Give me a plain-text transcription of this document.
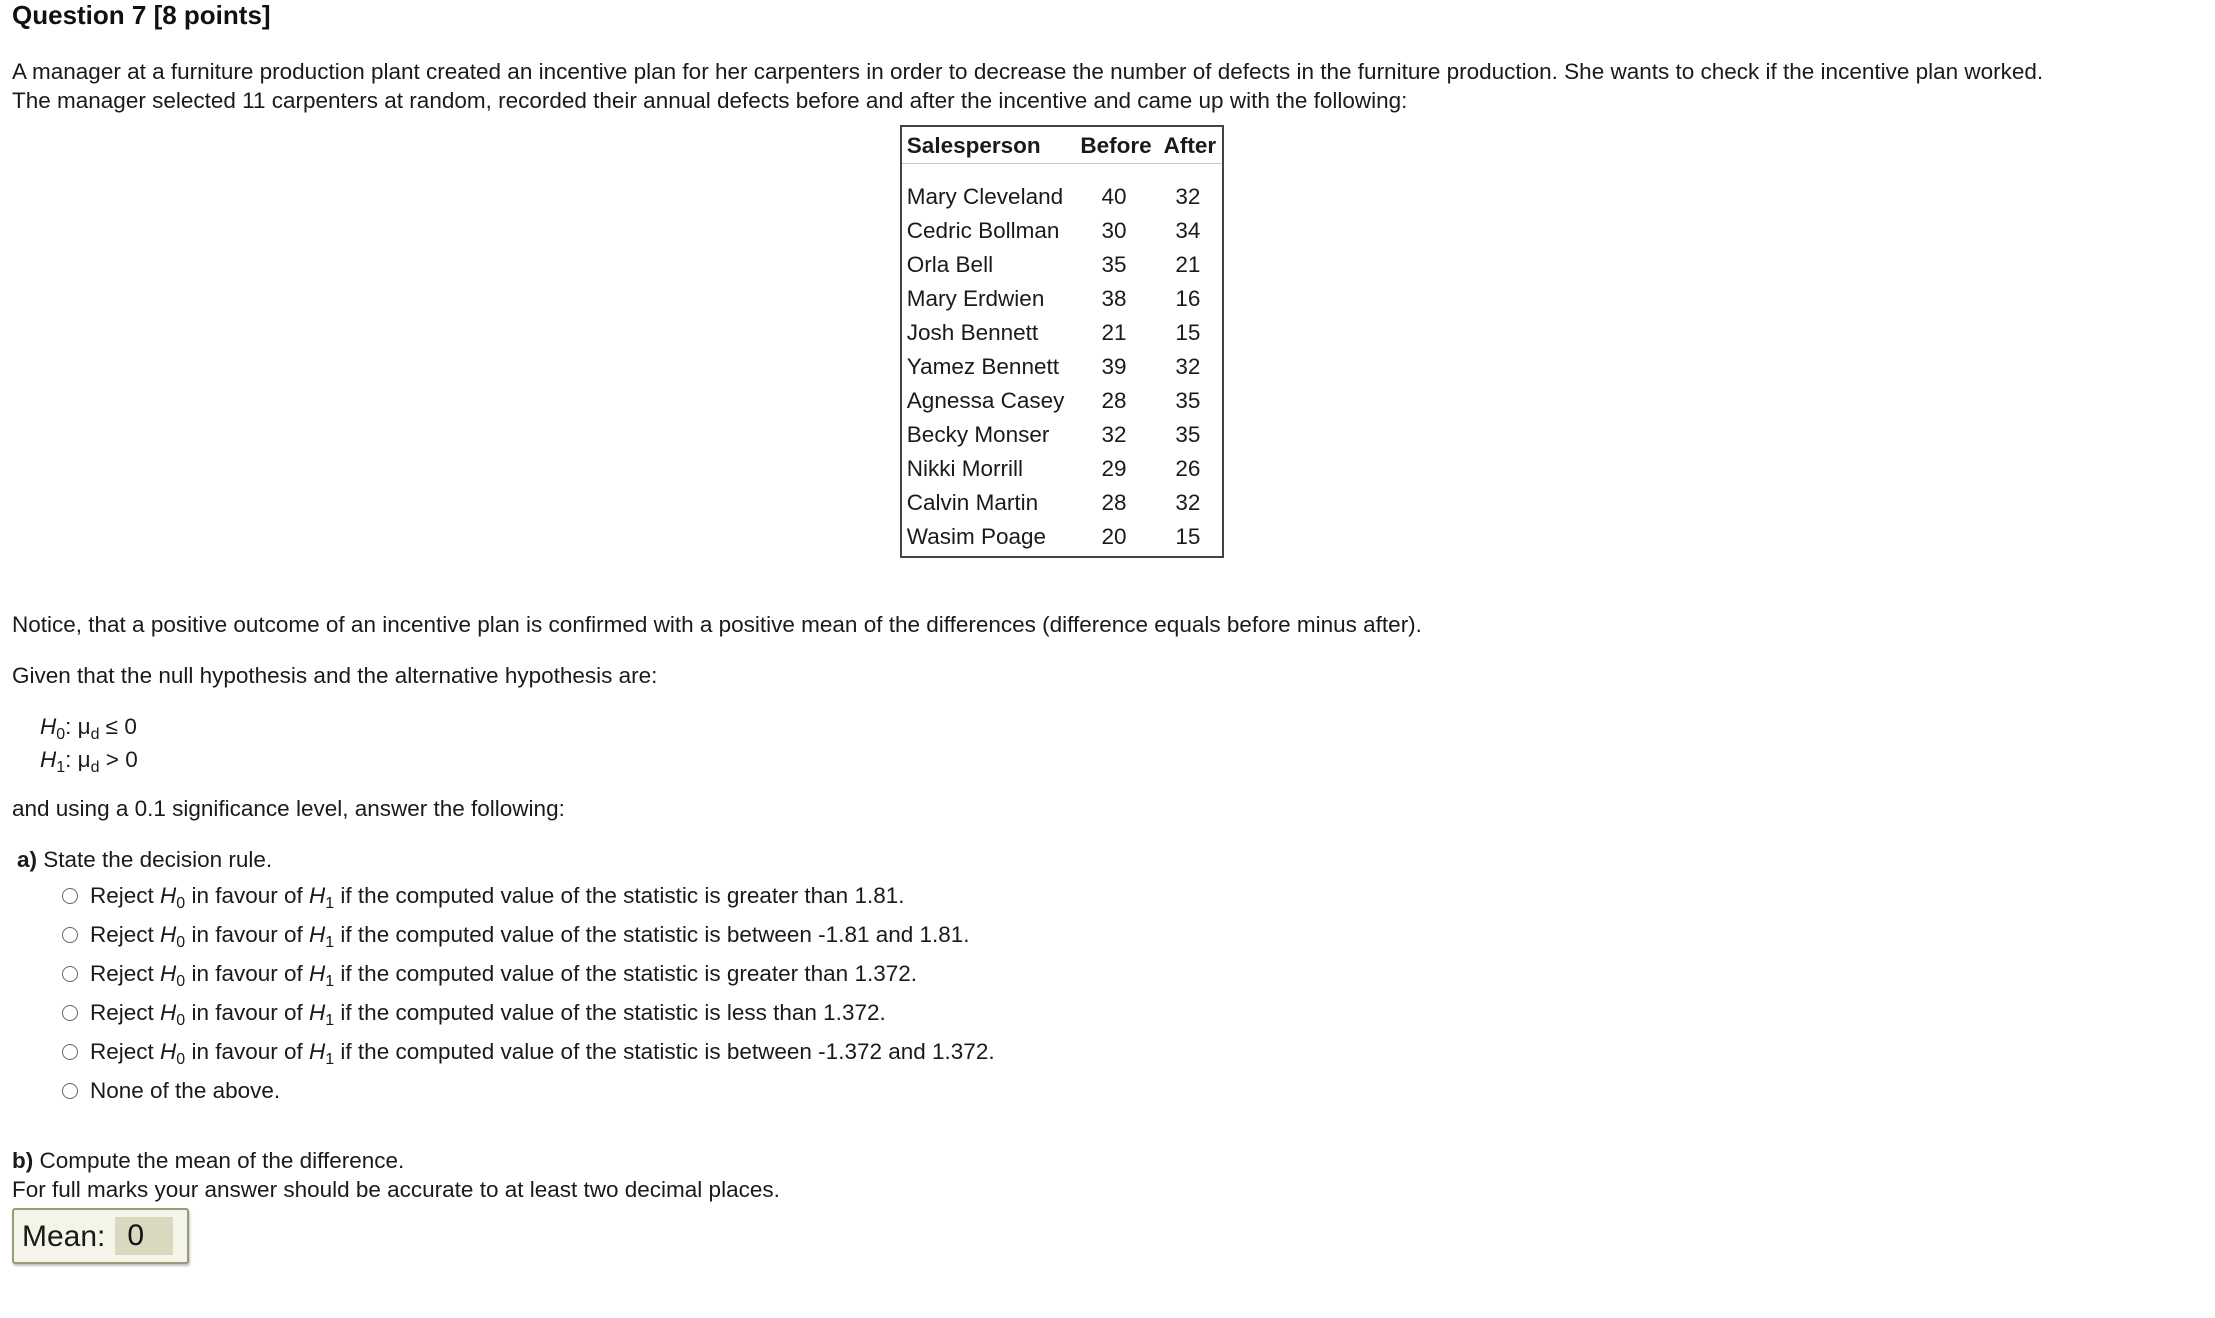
Question 7 [8 points]
A manager at a furniture production plant created an incentive plan for her carpenters in order to decrease the number of defects in the furniture production. She wants to check if the incentive plan worked.
The manager selected 11 carpenters at random, recorded their annual defects before and after the incentive and came up with the following:
Salesperson	Before	After

Mary Cleveland	40	32
Cedric Bollman	30	34
Orla Bell	35	21
Mary Erdwien	38	16
Josh Bennett	21	15
Yamez Bennett	39	32
Agnessa Casey	28	35
Becky Monser	32	35
Nikki Morrill	29	26
Calvin Martin	28	32
Wasim Poage	20	15
Notice, that a positive outcome of an incentive plan is confirmed with a positive mean of the differences (difference equals before minus after).
Given that the null hypothesis and the alternative hypothesis are:
$H_0$: $\mu_d \le 0$
$H_1$: $\mu_d > 0$
and using a 0.1 significance level, answer the following:
a) State the decision rule.
Reject $H_0$ in favour of $H_1$ if the computed value of the statistic is greater than 1.81.
Reject $H_0$ in favour of $H_1$ if the computed value of the statistic is between -1.81 and 1.81.
Reject $H_0$ in favour of $H_1$ if the computed value of the statistic is greater than 1.372.
Reject $H_0$ in favour of $H_1$ if the computed value of the statistic is less than 1.372.
Reject $H_0$ in favour of $H_1$ if the computed value of the statistic is between -1.372 and 1.372.
None of the above.
b) Compute the mean of the difference.
For full marks your answer should be accurate to at least two decimal places.
Mean:
0
